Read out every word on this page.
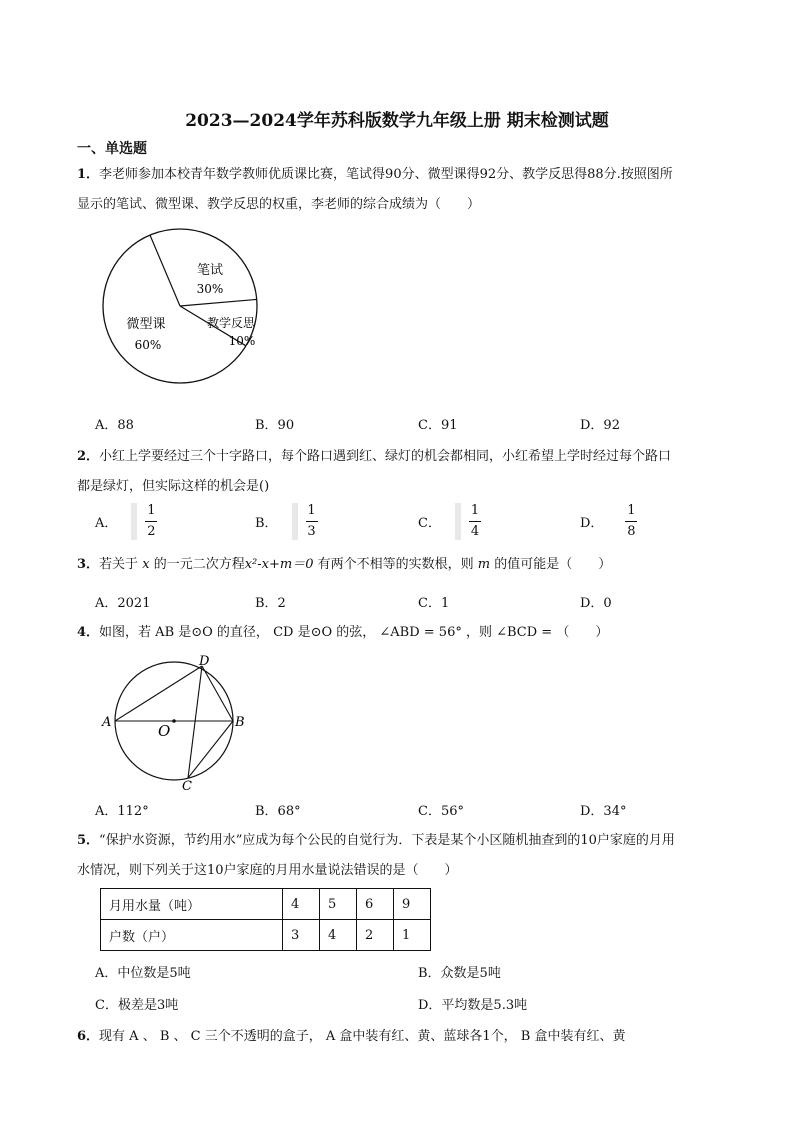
2023—2024学年苏科版数学九年级上册 期末检测试题
一、单选题
1．李老师参加本校青年数学教师优质课比赛，笔试得90分、微型课得92分、教学反思得88分.按照图所
显示的笔试、微型课、教学反思的权重，李老师的综合成绩为（　　）
笔试
30%
微型课
60%
教学反思
10%
A．88	B．90	C．91	D．92
2．小红上学要经过三个十字路口，每个路口遇到红、绿灯的机会都相同，小红希望上学时经过每个路口
都是绿灯，但实际这样的机会是()
A． $\frac{1}{2}$	B． $\frac{1}{3}$	C． $\frac{1}{4}$	D． $\frac{1}{8}$
3．若关于 x 的一元二次方程x²-x+m＝0 有两个不相等的实数根，则 m 的值可能是（　　）
A．2021	B．2	C．1	D．0
4．如图，若 AB 是⊙O 的直径， CD 是⊙O 的弦， ∠ABD = 56° ，则 ∠BCD = （　　）
A	B
C
D
O
A．112°	B．68°	C．56°	D．34°
5．“保护水资源，节约用水”应成为每个公民的自觉行为．下表是某个小区随机抽查到的10户家庭的月用
水情况，则下列关于这10户家庭的月用水量说法错误的是（　　）
月用水量（吨）	4	5	6	9
户数（户）	3	4	2	1
A．中位数是5吨	B．众数是5吨
C．极差是3吨	D．平均数是5.3吨
6．现有 A 、 B 、 C 三个不透明的盒子， A 盒中装有红、黄、蓝球各1个， B 盒中装有红、黄
